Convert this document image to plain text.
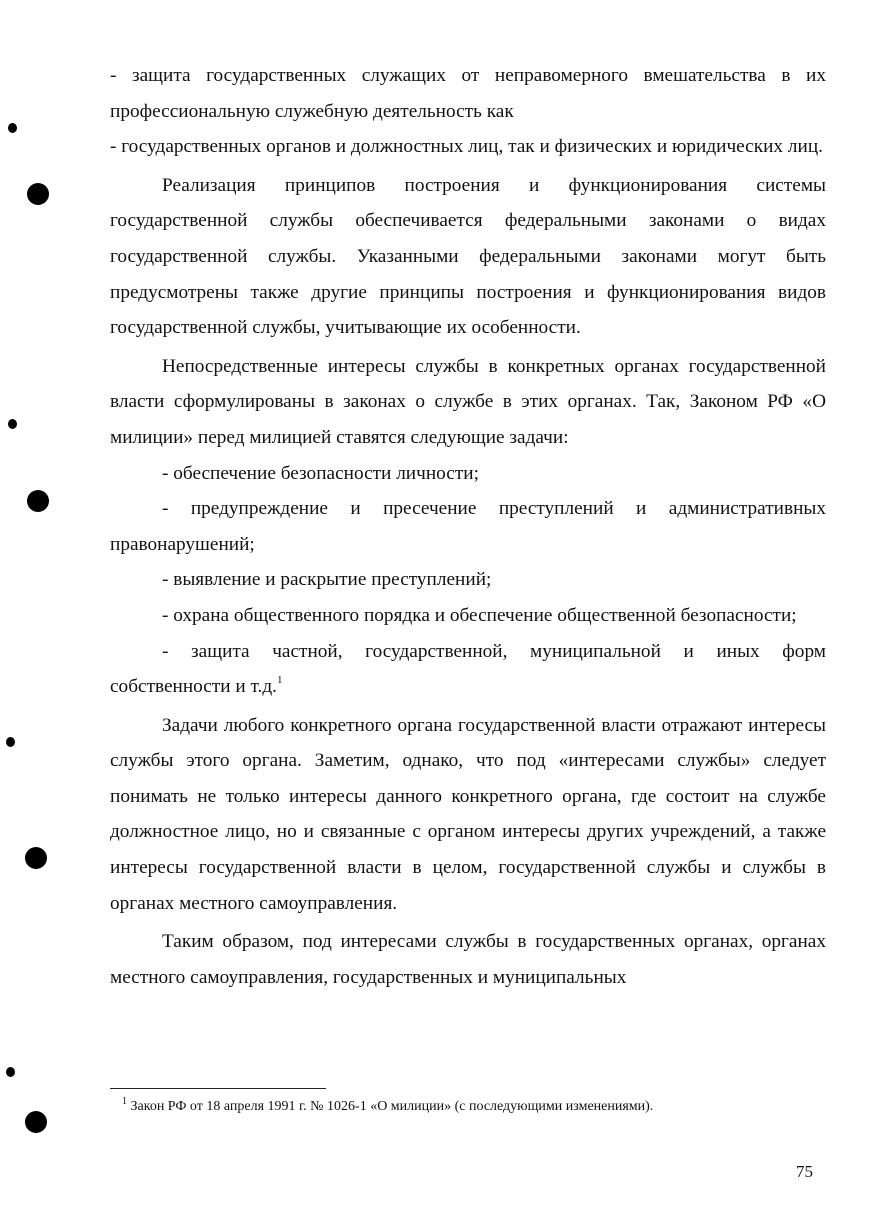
- защита государственных служащих от неправомерного вмешательства в их профессиональную служебную деятельность как

- государственных органов и должностных лиц, так и физических и юридических лиц.

Реализация принципов построения и функционирования системы государственной службы обеспечивается федеральными законами о видах государственной службы. Указанными федеральными законами могут быть предусмотрены также другие принципы построения и функционирования видов государственной службы, учитывающие их особенности.

Непосредственные интересы службы в конкретных органах государственной власти сформулированы в законах о службе в этих органах. Так, Законом РФ «О милиции» перед милицией ставятся следующие задачи:

- обеспечение безопасности личности;

- предупреждение и пресечение преступлений и административных правонарушений;

- выявление и раскрытие преступлений;

- охрана общественного порядка и обеспечение общественной безопасности;

- защита частной, государственной, муниципальной и иных форм собственности и т.д.$^1$

Задачи любого конкретного органа государственной власти отражают интересы службы этого органа. Заметим, однако, что под «интересами службы» следует понимать не только интересы данного конкретного органа, где состоит на службе должностное лицо, но и связанные с органом интересы других учреждений, а также интересы государственной власти в целом, государственной службы и службы в органах местного самоуправления.

Таким образом, под интересами службы в государственных органах, органах местного самоуправления, государственных и муниципальных

$^1$ Закон РФ от 18 апреля 1991 г. № 1026-1 «О милиции» (с последующими изменениями).
75
